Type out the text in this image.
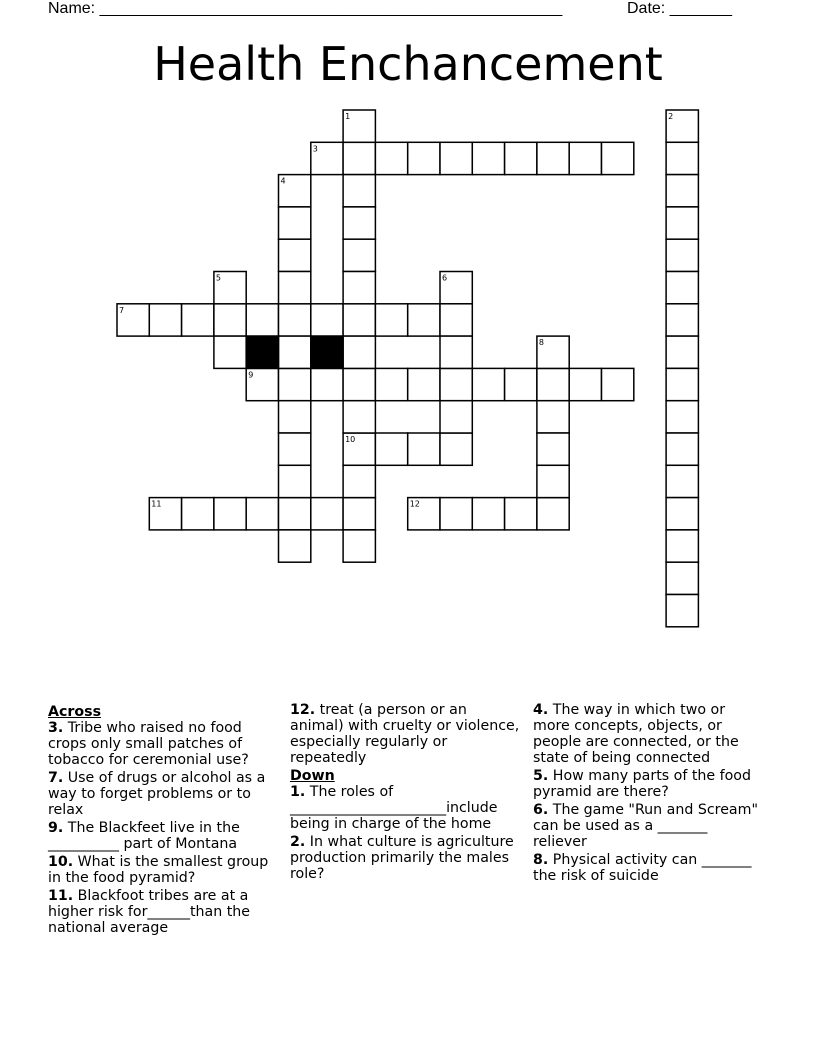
Name: ____________________________________________________	Date: _______
Health Enchancement
1	2
3
4
5	6
7
8
9
10
11	12
Across
3. Tribe who raised no food crops only small patches of tobacco for ceremonial use?
7. Use of drugs or alcohol as a way to forget problems or to relax
9. The Blackfeet live in the __________ part of Montana
10. What is the smallest group in the food pyramid?
11. Blackfoot tribes are at a higher risk for______than the national average
12. treat (a person or an animal) with cruelty or violence, especially regularly or repeatedly
Down
1. The roles of ______________________include being in charge of the home
2. In what culture is agriculture production primarily the males role?
4. The way in which two or more concepts, objects, or people are connected, or the state of being connected
5. How many parts of the food pyramid are there?
6. The game "Run and Scream" can be used as a _______ reliever
8. Physical activity can _______ the risk of suicide
